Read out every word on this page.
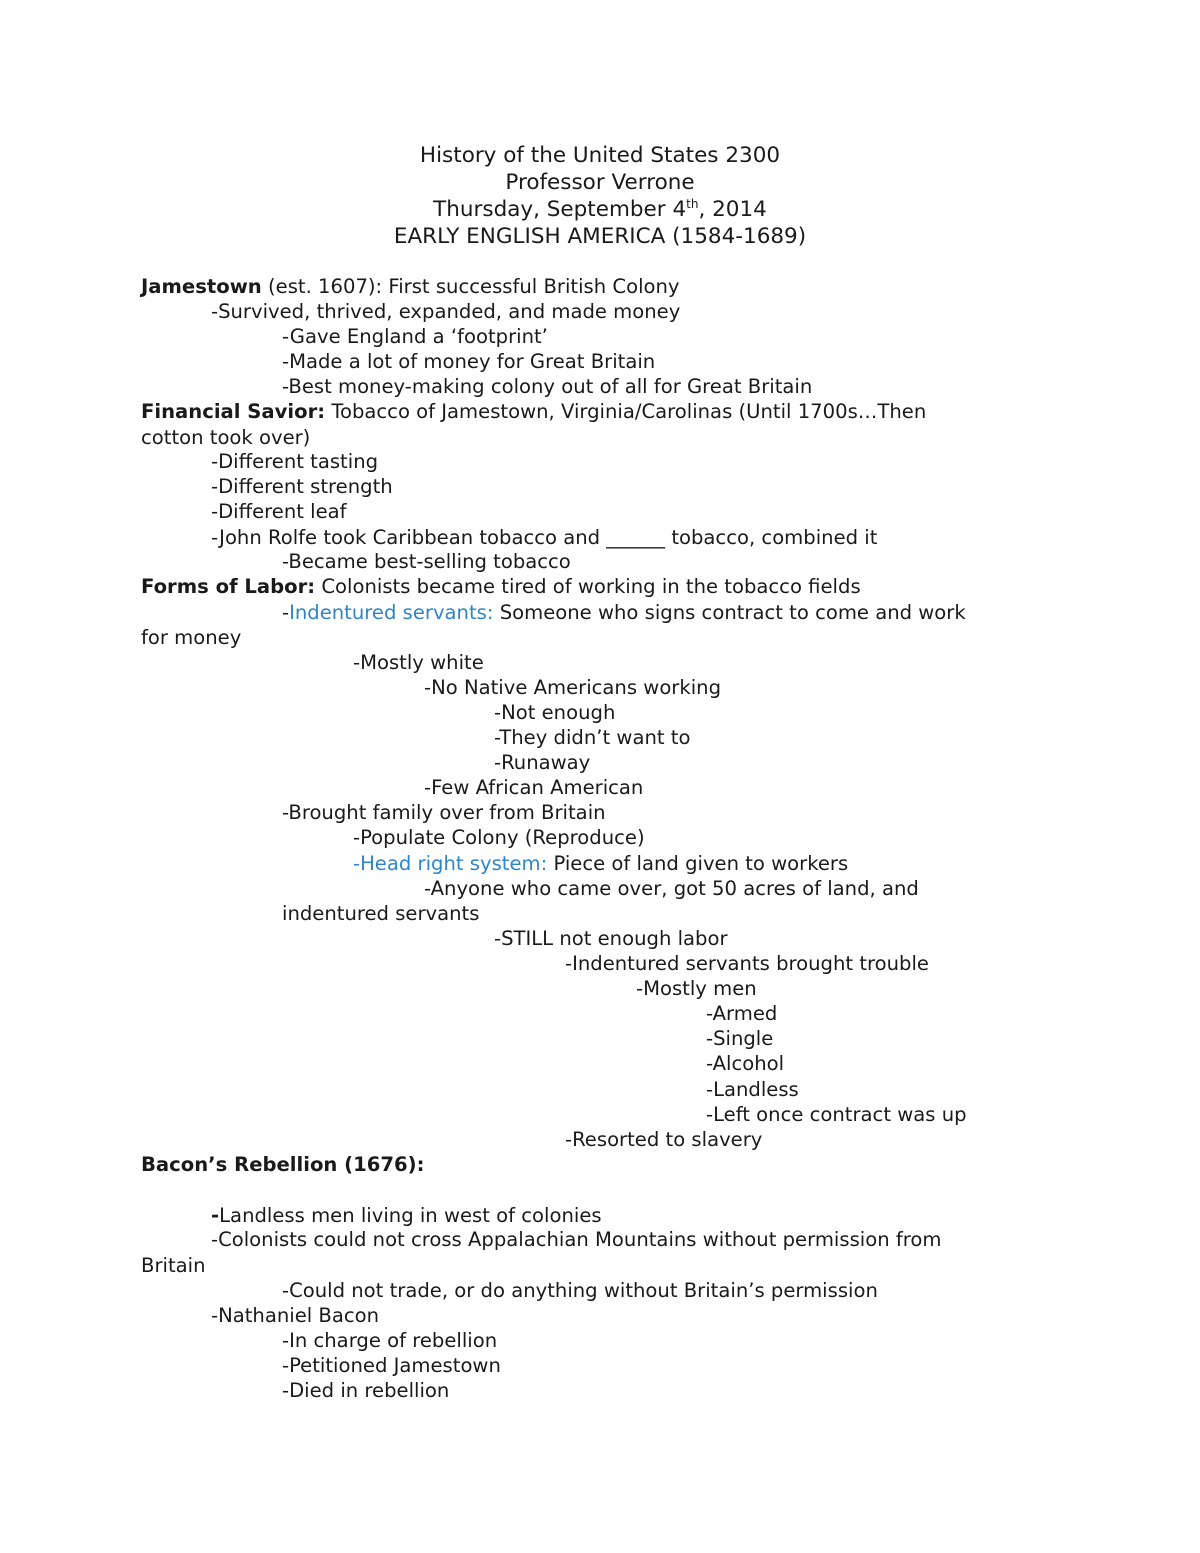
History of the United States 2300
Professor Verrone
Thursday, September 4th, 2014
EARLY ENGLISH AMERICA (1584-1689)
Jamestown (est. 1607): First successful British Colony
-Survived, thrived, expanded, and made money
-Gave England a ‘footprint’
-Made a lot of money for Great Britain
-Best money-making colony out of all for Great Britain
Financial Savior: Tobacco of Jamestown, Virginia/Carolinas (Until 1700s…Then
cotton took over)
-Different tasting
-Different strength
-Different leaf
-John Rolfe took Caribbean tobacco and ______ tobacco, combined it
-Became best-selling tobacco
Forms of Labor: Colonists became tired of working in the tobacco fields
-Indentured servants: Someone who signs contract to come and work
for money
-Mostly white
-No Native Americans working
-Not enough
-They didn’t want to
-Runaway
-Few African American
-Brought family over from Britain
-Populate Colony (Reproduce)
-Head right system: Piece of land given to workers
-Anyone who came over, got 50 acres of land, and
indentured servants
-STILL not enough labor
-Indentured servants brought trouble
-Mostly men
-Armed
-Single
-Alcohol
-Landless
-Left once contract was up
-Resorted to slavery
Bacon’s Rebellion (1676):
-Landless men living in west of colonies
-Colonists could not cross Appalachian Mountains without permission from
Britain
-Could not trade, or do anything without Britain’s permission
-Nathaniel Bacon
-In charge of rebellion
-Petitioned Jamestown
-Died in rebellion
